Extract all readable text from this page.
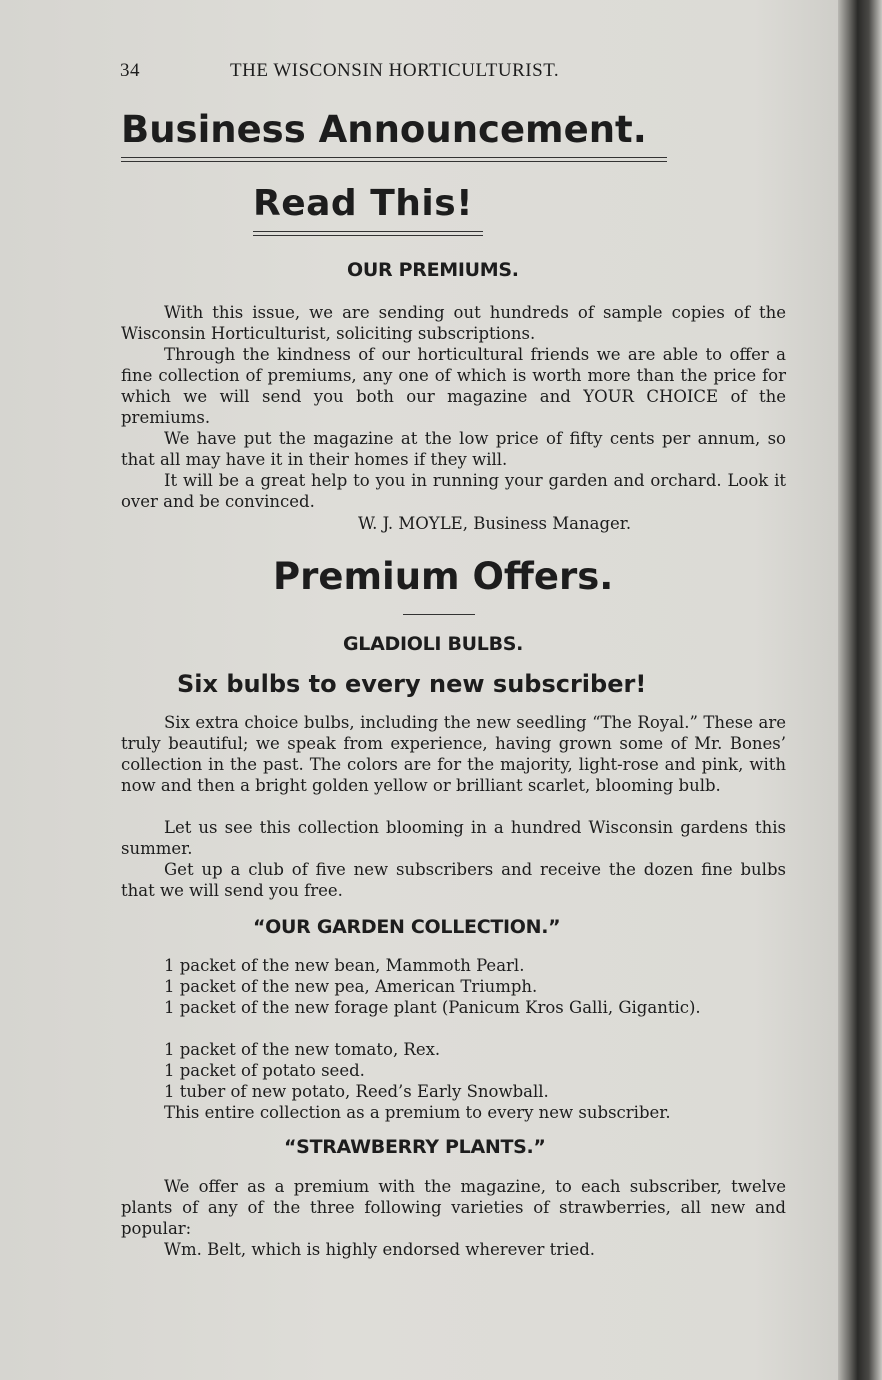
34	THE WISCONSIN HORTICULTURIST.
Business Announcement.
Read This!
OUR PREMIUMS.

With this issue, we are sending out hundreds of sample copies of the Wisconsin Horticulturist, soliciting subscriptions.

Through the kindness of our horticultural friends we are able to offer a fine collection of premiums, any one of which is worth more than the price for which we will send you both our magazine and YOUR CHOICE of the premiums.

We have put the magazine at the low price of fifty cents per annum, so that all may have it in their homes if they will.

It will be a great help to you in running your garden and orchard. Look it over and be convinced.

W. J. MOYLE, Business Manager.
Premium Offers.
GLADIOLI BULBS.
Six bulbs to every new subscriber!

Six extra choice bulbs, including the new seedling “The Royal.” These are truly beautiful; we speak from experience, having grown some of Mr. Bones’ collection in the past. The colors are for the majority, light-rose and pink, with now and then a bright golden yellow or brilliant scarlet, blooming bulb.

Let us see this collection blooming in a hundred Wisconsin gardens this summer.

Get up a club of five new subscribers and receive the dozen fine bulbs that we will send you free.

“OUR GARDEN COLLECTION.”
1 packet of the new bean, Mammoth Pearl.
1 packet of the new pea, American Triumph.

1 packet of the new forage plant (Panicum Kros Galli, Gigantic).

1 packet of the new tomato, Rex.
1 packet of potato seed.
1 tuber of new potato, Reed’s Early Snowball.
This entire collection as a premium to every new subscriber.
“STRAWBERRY PLANTS.”

We offer as a premium with the magazine, to each subscriber, twelve plants of any of the three following varieties of strawberries, all new and popular:

Wm. Belt, which is highly endorsed wherever tried.
